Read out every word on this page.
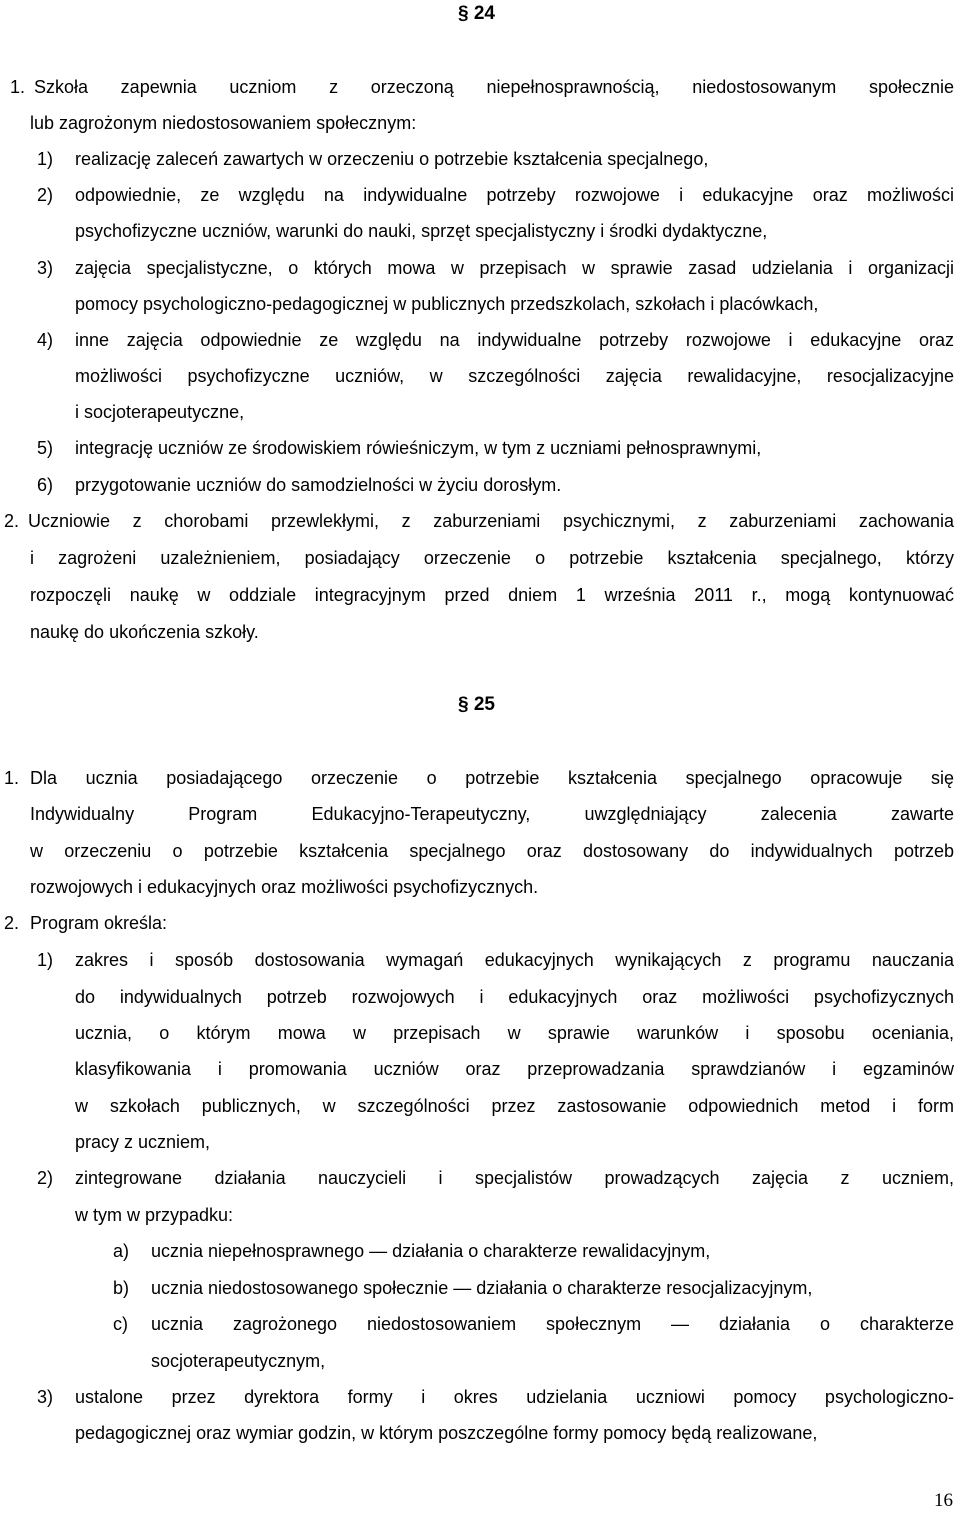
§ 24
1. Szkoła zapewnia uczniom z orzeczoną niepełnosprawnością, niedostosowanym społecznie
lub zagrożonym niedostosowaniem społecznym:
1) realizację zaleceń zawartych w orzeczeniu o potrzebie kształcenia specjalnego,
2) odpowiednie, ze względu na indywidualne potrzeby rozwojowe i edukacyjne oraz możliwości
psychofizyczne uczniów, warunki do nauki, sprzęt specjalistyczny i środki dydaktyczne,
3) zajęcia specjalistyczne, o których mowa w przepisach w sprawie zasad udzielania i organizacji
pomocy psychologiczno-pedagogicznej w publicznych przedszkolach, szkołach i placówkach,
4) inne zajęcia odpowiednie ze względu na indywidualne potrzeby rozwojowe i edukacyjne oraz
możliwości psychofizyczne uczniów, w szczególności zajęcia rewalidacyjne, resocjalizacyjne
i socjoterapeutyczne,
5) integrację uczniów ze środowiskiem rówieśniczym, w tym z uczniami pełnosprawnymi,
6) przygotowanie uczniów do samodzielności w życiu dorosłym.
2. Uczniowie z chorobami przewlekłymi, z zaburzeniami psychicznymi, z zaburzeniami zachowania
i zagrożeni uzależnieniem, posiadający orzeczenie o potrzebie kształcenia specjalnego, którzy
rozpoczęli naukę w oddziale integracyjnym przed dniem 1 września 2011 r., mogą kontynuować
naukę do ukończenia szkoły.
§ 25
1. Dla ucznia posiadającego orzeczenie o potrzebie kształcenia specjalnego opracowuje się
Indywidualny Program Edukacyjno-Terapeutyczny, uwzględniający zalecenia zawarte
w orzeczeniu o potrzebie kształcenia specjalnego oraz dostosowany do indywidualnych potrzeb
rozwojowych i edukacyjnych oraz możliwości psychofizycznych.
2. Program określa:
1) zakres i sposób dostosowania wymagań edukacyjnych wynikających z programu nauczania
do indywidualnych potrzeb rozwojowych i edukacyjnych oraz możliwości psychofizycznych
ucznia, o którym mowa w przepisach w sprawie warunków i sposobu oceniania,
klasyfikowania i promowania uczniów oraz przeprowadzania sprawdzianów i egzaminów
w szkołach publicznych, w szczególności przez zastosowanie odpowiednich metod i form
pracy z uczniem,
2) zintegrowane działania nauczycieli i specjalistów prowadzących zajęcia z uczniem,
w tym w przypadku:
a) ucznia niepełnosprawnego — działania o charakterze rewalidacyjnym,
b) ucznia niedostosowanego społecznie — działania o charakterze resocjalizacyjnym,
c) ucznia zagrożonego niedostosowaniem społecznym — działania o charakterze
socjoterapeutycznym,
3) ustalone przez dyrektora formy i okres udzielania uczniowi pomocy psychologiczno-
pedagogicznej oraz wymiar godzin, w którym poszczególne formy pomocy będą realizowane,
16
